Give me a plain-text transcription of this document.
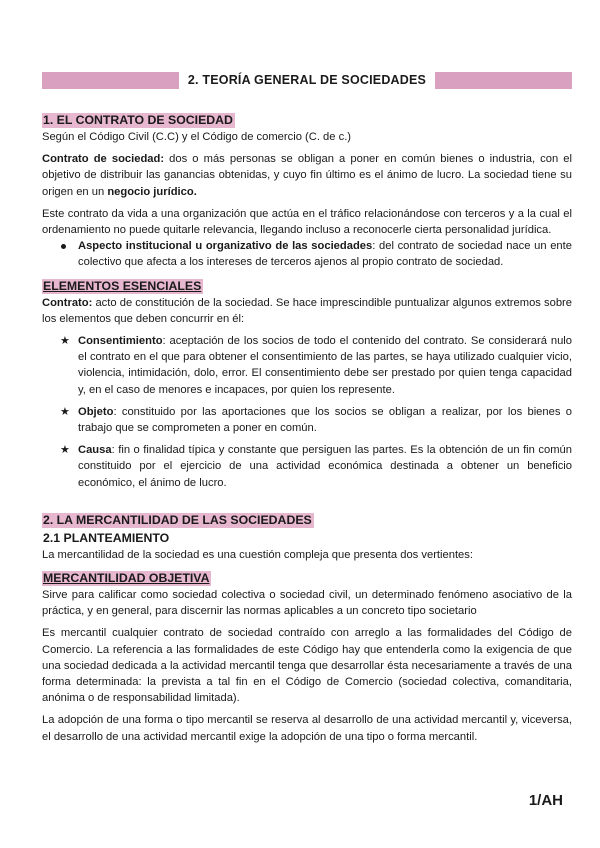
2. TEORÍA GENERAL DE SOCIEDADES
1. EL CONTRATO DE SOCIEDAD

Según el Código Civil (C.C) y el Código de comercio (C. de c.)

Contrato de sociedad: dos o más personas se obligan a poner en común bienes o industria, con el objetivo de distribuir las ganancias obtenidas, y cuyo fin último es el ánimo de lucro. La sociedad tiene su origen en un negocio jurídico.

Este contrato da vida a una organización que actúa en el tráfico relacionándose con terceros y a la cual el ordenamiento no puede quitarle relevancia, llegando incluso a reconocerle cierta personalidad jurídica.

Aspecto institucional u organizativo de las sociedades: del contrato de sociedad nace un ente colectivo que afecta a los intereses de terceros ajenos al propio contrato de sociedad.
ELEMENTOS ESENCIALES

Contrato: acto de constitución de la sociedad. Se hace imprescindible puntualizar algunos extremos sobre los elementos que deben concurrir en él:

★ Consentimiento: aceptación de los socios de todo el contenido del contrato. Se considerará nulo el contrato en el que para obtener el consentimiento de las partes, se haya utilizado cualquier vicio, violencia, intimidación, dolo, error. El consentimiento debe ser prestado por quien tenga capacidad y, en el caso de menores e incapaces, por quien los represente.
★ Objeto: constituido por las aportaciones que los socios se obligan a realizar, por los bienes o trabajo que se comprometen a poner en común.
★ Causa: fin o finalidad típica y constante que persiguen las partes. Es la obtención de un fin común constituido por el ejercicio de una actividad económica destinada a obtener un beneficio económico, el ánimo de lucro.
2. LA MERCANTILIDAD DE LAS SOCIEDADES
2.1 PLANTEAMIENTO

La mercantilidad de la sociedad es una cuestión compleja que presenta dos vertientes:

MERCANTILIDAD OBJETIVA

Sirve para calificar como sociedad colectiva o sociedad civil, un determinado fenómeno asociativo de la práctica, y en general, para discernir las normas aplicables a un concreto tipo societario

Es mercantil cualquier contrato de sociedad contraído con arreglo a las formalidades del Código de Comercio. La referencia a las formalidades de este Código hay que entenderla como la exigencia de que una sociedad dedicada a la actividad mercantil tenga que desarrollar ésta necesariamente a través de una forma determinada: la prevista a tal fin en el Código de Comercio (sociedad colectiva, comanditaria, anónima o de responsabilidad limitada).

La adopción de una forma o tipo mercantil se reserva al desarrollo de una actividad mercantil y, viceversa, el desarrollo de una actividad mercantil exige la adopción de una tipo o forma mercantil.

1/AH
